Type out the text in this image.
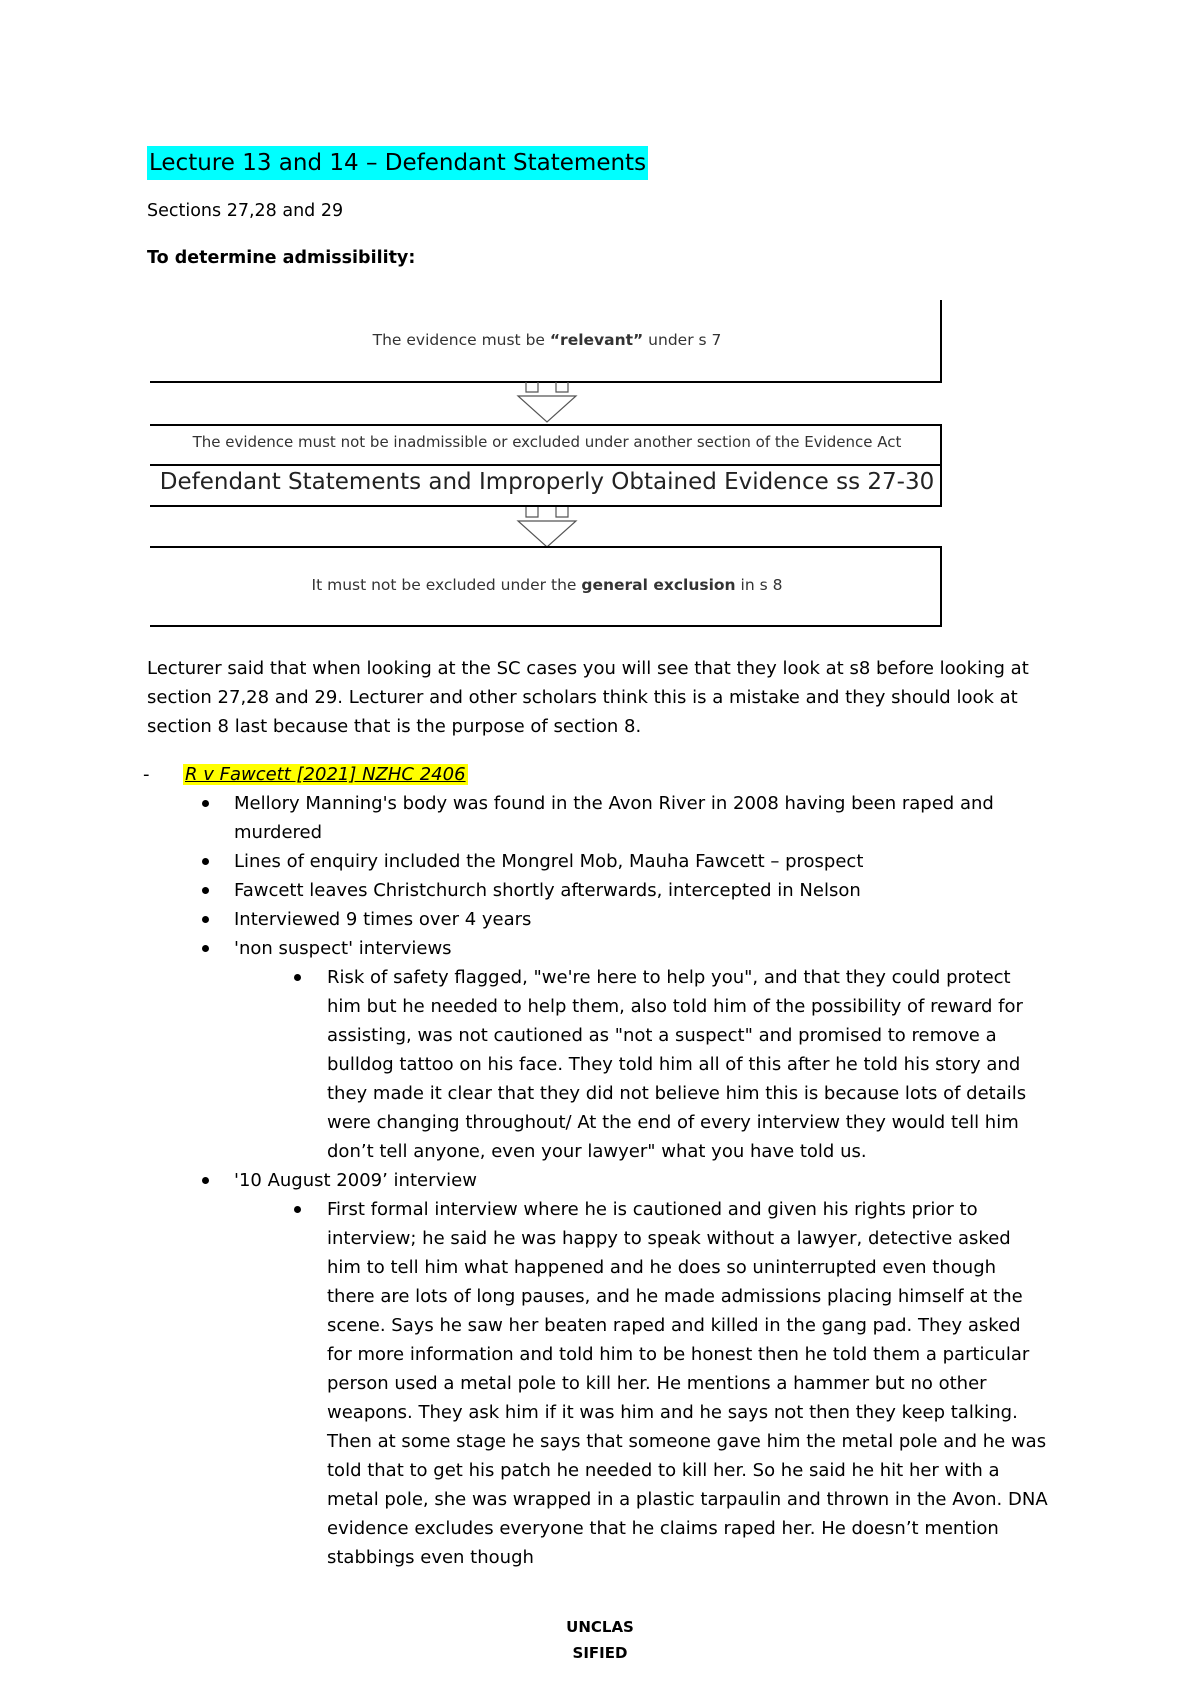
Lecture 13 and 14 – Defendant Statements
Sections 27,28 and 29
To determine admissibility:
The evidence must be “relevant” under s 7
The evidence must not be inadmissible or excluded under another section of the Evidence Act
Defendant Statements and Improperly Obtained Evidence ss 27-30
It must not be excluded under the general exclusion in s 8

Lecturer said that when looking at the SC cases you will see that they look at s8 before looking at section 27,28 and 29. Lecturer and other scholars think this is a mistake and they should look at section 8 last because that is the purpose of section 8.

- R v Fawcett [2021] NZHC 2406
Mellory Manning's body was found in the Avon River in 2008 having been raped and murdered
Lines of enquiry included the Mongrel Mob, Mauha Fawcett – prospect
Fawcett leaves Christchurch shortly afterwards, intercepted in Nelson
Interviewed 9 times over 4 years
'non suspect' interviews
Risk of safety flagged, "we're here to help you", and that they could protect him but he needed to help them, also told him of the possibility of reward for assisting, was not cautioned as "not a suspect" and promised to remove a bulldog tattoo on his face. They told him all of this after he told his story and they made it clear that they did not believe him this is because lots of details were changing throughout/ At the end of every interview they would tell him don’t tell anyone, even your lawyer" what you have told us.
'10 August 2009’ interview
First formal interview where he is cautioned and given his rights prior to interview; he said he was happy to speak without a lawyer, detective asked him to tell him what happened and he does so uninterrupted even though there are lots of long pauses, and he made admissions placing himself at the scene. Says he saw her beaten raped and killed in the gang pad. They asked for more information and told him to be honest then he told them a particular person used a metal pole to kill her. He mentions a hammer but no other weapons. They ask him if it was him and he says not then they keep talking. Then at some stage he says that someone gave him the metal pole and he was told that to get his patch he needed to kill her. So he said he hit her with a metal pole, she was wrapped in a plastic tarpaulin and thrown in the Avon. DNA evidence excludes everyone that he claims raped her. He doesn’t mention stabbings even though
UNCLAS
SIFIED
